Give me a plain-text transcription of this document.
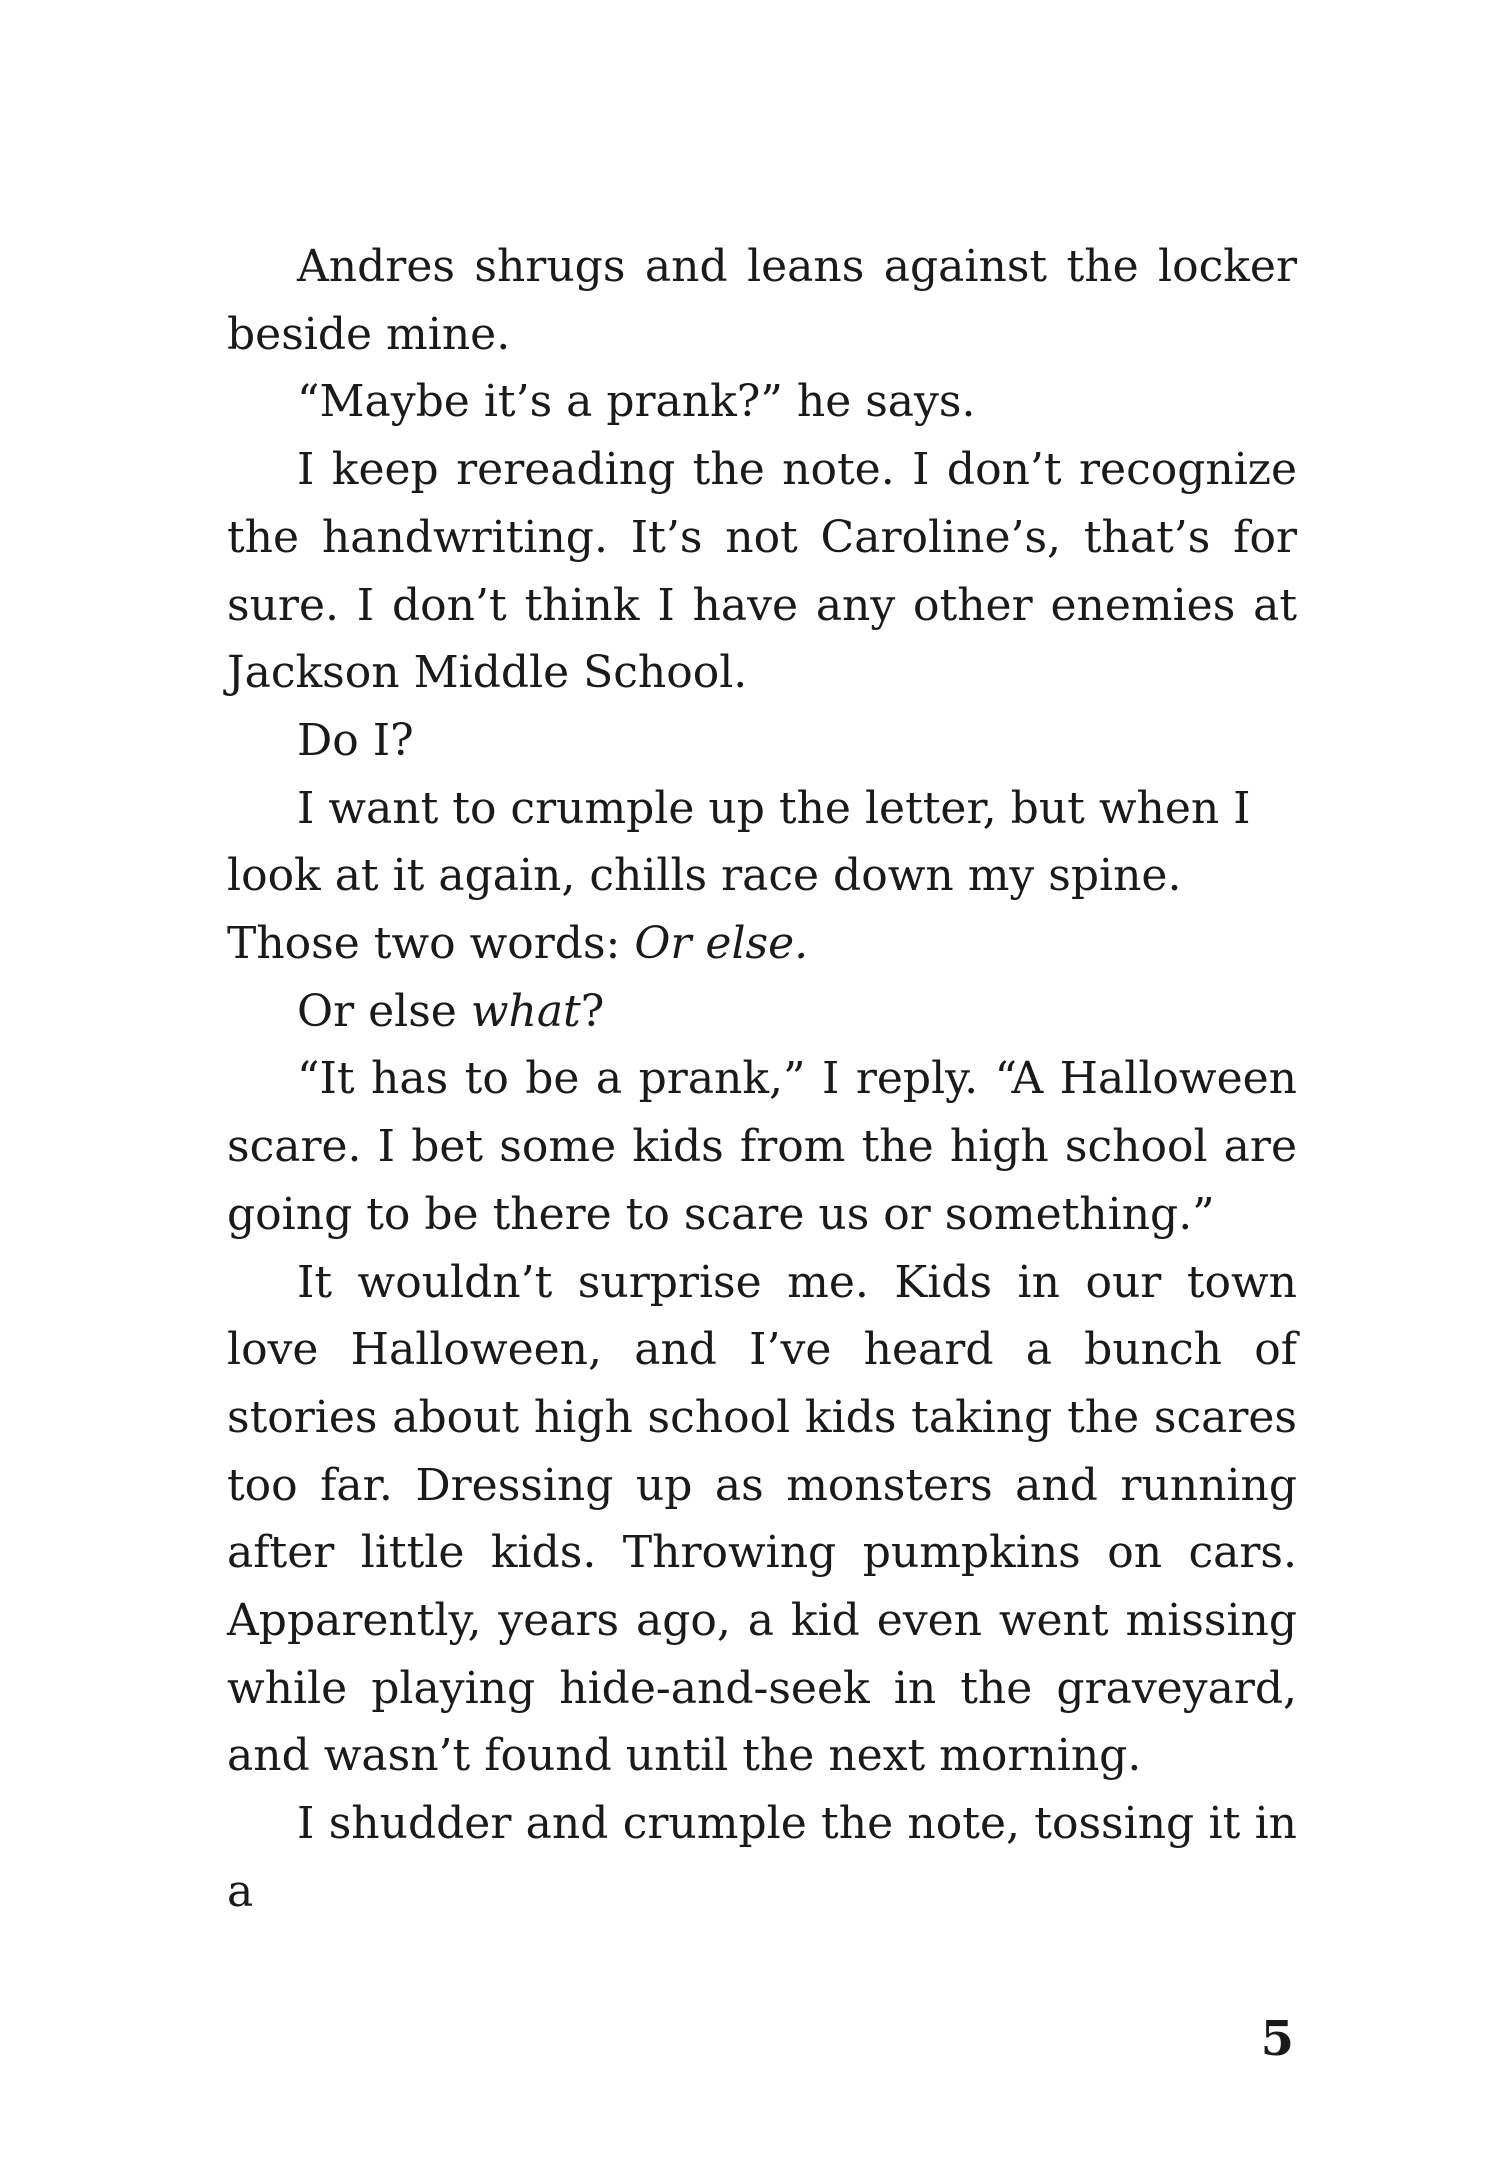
Andres shrugs and leans against the locker beside mine.

“Maybe it’s a prank?” he says.

I keep rereading the note. I don’t recognize the handwriting. It’s not Caroline’s, that’s for sure. I don’t think I have any other enemies at Jackson Middle School.

Do I?

I want to crumple up the letter, but when I look at it again, chills race down my spine. Those two words: Or else.

Or else what?

“It has to be a prank,” I reply. “A Halloween scare. I bet some kids from the high school are going to be there to scare us or something.”

It wouldn’t surprise me. Kids in our town love Halloween, and I’ve heard a bunch of stories about high school kids taking the scares too far. Dressing up as monsters and running after little kids. Throwing pumpkins on cars. Apparently, years ago, a kid even went missing while playing hide-and-seek in the graveyard, and wasn’t found until the next morning.

I shudder and crumple the note, tossing it in a

5
